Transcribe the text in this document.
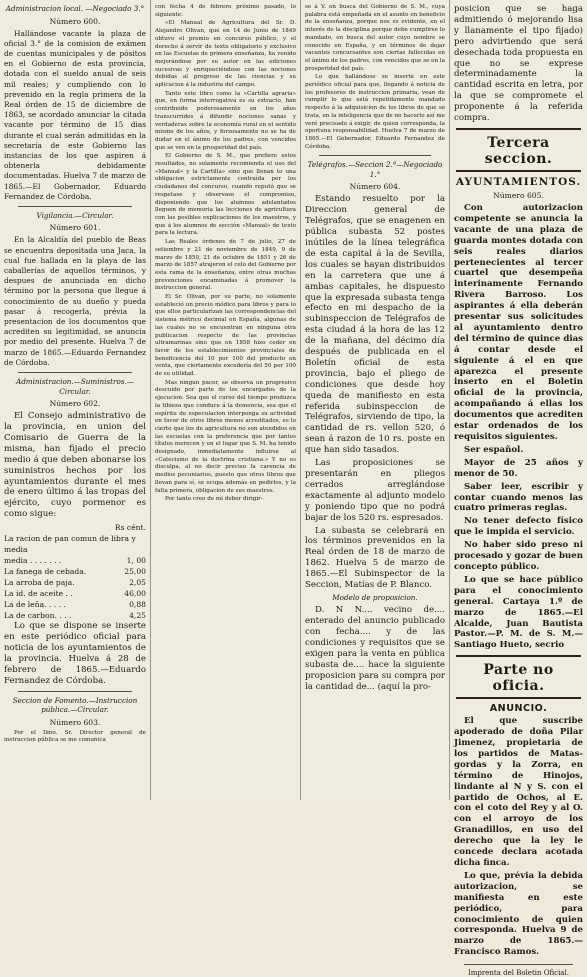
Administracion local. —Negociado 3.°

Número 600.

Hallándose vacante la plaza de oficial 3.° de la comision de exámen de cuentas municipales y de pósitos en el Gobierno de esta provincia, dotada con el sueldo anual de seis mil reales; y cumpliendo con lo prevenido en la regla primera de la Real órden de 15 de diciembre de 1863, se acordado anunciar la citada vacante por término de 15 dias durante el cual serán admitidas en la secretaría de este Gobierno las instancias de los que aspiren á obtenerla debidamente documentadas. Huelva 7 de marzo de 1865.—El Gobernador, Eduardo Fernandez de Córdoba.

Vigilancia.—Circular.

Número 601.

En la Alcaldía del pueblo de Beas se encuentra depositada una Jaca, la cual fue hallada en la playa de las caballerías de aquellos términos, y despues de anunciada en dicho término por la persona que llegue á conocimiento de su dueño y pueda pasar á recogerla, prévia la presentacion de los documentos que acrediten su legitimidad, se anuncia por medio del presente. Huelva 7 de marzo de 1865.—Eduardo Fernandez de Córdoba.

Administracion.—Suministros.—Circular.

Número 602.

El Consejo administrativo de la provincia, en union del Comisario de Guerra de la misma, han fijado el precio medio á que deben abonarse los suministros hechos por los ayuntamientos durante el mes de enero último á las tropas del ejército, cuyo pormenor es como sigue:

Rs cént.

La racion de pan comun de libra y media

media . . . . . . .	1, 00
La fanega de cebada.	25,00
La arroba de paja.	2,05
La id. de aceite . .	46,00
La de leña. . . . .	0,88
La de carbon. . . .	4,25

Lo que se dispone se inserte en este periódico oficial para noticia de los ayuntamientos de la provincia. Huelva á 28 de febrero de 1865.—Eduardo Fernandez de Córdoba.

Seccion de Fomento.—Instruccion pública.—Circular.

Número 603.

Por el Ilmo. Sr. Director general de instruccion pública se me comunica

con fecha 4 de febrero próximo pasado, lo siguiente:

«El Manual de Agricultura del Sr. D. Alejandro Olivan, que en 14 de Junio de 1849 obtuvo el premio en concurso público, y el derecho á servir de texto obligatorio y exclusivo en las Escuelas de primera enseñanza, ha venido mejorándose por su autor en las ediciones sucesivas y enriqueciéndose con las nociones debidas al progreso de las ciencias y su aplicacion á la industria del campo.

Tanto este libro como la «Cartilla agraria» que, en forma interrogativa es su extracto, han contribuido poderosamente en los años transcurridos á difundir nociones sanas y verdaderas sobre la economía rural en el sentido mismo de los años, y forzosamente no se ha de dudar en el ánimo de los padres, con vencidos que se ven en la prosperidad del país.

El Gobierno de S. M., que prefiere estos resultados, no solamente recomienda el uso del «Manual» y la Cartilla» sino que llenan to una obligacion estrictamente contraída por los ciudadanos del concurso, cuando reputó que se respetase y observase el compromiso, disponiendo que los alumnos adelantados lleguen de memoria las lecciones de agricultura con las posibles explicaciones de los maestros, y que á los alumnos de sección «Manual» de texto para la lectura.

Las Reales órdenes de 7 de julio, 27 de setiembre y 21 de noviembre de 1849, 9 de marzo de 1850, 21 de octubre de 1851 y 26 de marzo de 1857 atrajeron el celo del Gobierno por esta rama de la enseñanza, entre otras muchas prevenciones encaminadas á promover la instruccion general.

El Sr. Olivan, por su parte, no solamente estableció un precio módico para libros y para lo que ellos particularizan las correspondencias del sistema métrico decimal en España, algunas de las cuales no se encuentran en ninguna otra publicacion respecto de las provincias ultramarinas sino que en 1858 hizo ceder en favor de los establecimientos provinciales de beneficencia del 10 por 100 del producto en venta, que ciertamente excedería del 50 por 100 de su utilidad.

Mas ningun pacer, se observa un progresivo descuido por parte de los encargados de la ejecucion. Sea que el curso del tiempo produzca la tibieza que conduce á la demencia, sea que el espíritu de especulacion interponga su actividad en favor de otros libros menos acreditados, es lo cierto que los de agricultura no son atendidos en las escuelas con la preferencia que por tantos títulos merecen y en el lugar que S. M. ha tenido designado, inmediatamente influirse al «Catecismo de la doctrina cristiana.» Y no es disculpa, al no decir preciso la carencia de medios pecuniarios, puesto que otros libros que llevan para sí, se ocupa además en pedirlos, y la falta primera, obligacion de sus maestros.

Por tanto creo de mi deber dirigir-

se á V. en busca del Gobierno de S. M., cuya palabra está empeñada en el asunto en beneficio de la enseñanza, porque nos es evidente, en el interés de la disciplina porque debe cumplirse lo mandado, en busca del autor cuyo nombre se conocido en España, y en términos de dejar vacantes concursantes son ciertas fallecidas en el ánimo de los padres, con vencidos que se en la prosperidad del país.

Lo que hallándose se inserte en este periódico oficial para que, llegando á noticia de los profesores de instruccion primaria, vean de cumplir lo que está repetidamente mandado respecto á la adquisicion de los libros de que se trata, en la inteligencia que de no hacerlo así me veré precisado á exigir, de quien corresponda, la oportuna responsabilidad. Huelva 7 de marzo de 1865.—El Gobernador, Eduardo Fernandez de Córdoba.

Telégrafos.—Seccion 2.ª—Negociado 1.°

Número 604.

Estando resuelto por la Direccion general de Telégrafos, que se enagenen en pública subasta 52 postes inútiles de la línea telegráfica de esta capital á la de Sevilla, los cuales se hayan distribuidos en la carretera que une á ambas capitales, he dispuesto que la expresada subasta tenga efecto en mi despacho de la subinspeccion de Telégrafos de esta ciudad á la hora de las 12 de la mañana, del décimo día después de publicada en el Boletín oficial de esta provincia, bajo el pliego de condiciones que desde hoy queda de manifiesto en esta referida subinspeccion de Telégrafos, sirviendo de tipo, la cantidad de rs. vellon 520, ó sean á razon de 10 rs. poste en que han sido tasados.

Las proposiciones se presentarán en pliegos cerrados arreglándose exactamente al adjunto modelo y poniendo tipo que no podrá bajar de los 520 rs. espresados.

La subasta se celebrará en los términos prevenidos en la Real órden de 18 de marzo de 1862. Huelva 5 de marzo de 1865.—El Subinspector de la Seccion, Matías de P. Blanco.

Modelo de proposicion.

D. N N.... vecino de.... enterado del anuncio publicado con fecha.... y de las condiciones y requisitos que se exigen para la venta en pública subasta de.... hace la siguiente proposicion para su compra por la cantidad de... (aquí la pro-

posicion que se haga admitiendo ó mejorando lisa y llanamente el tipo fijado) pero advirtiendo que será desechada toda propuesta en que no se exprese determinadamente la cantidad escrita en letra, por la que se compromete el proponente á la referida compra.

Tercera seccion.

AYUNTAMIENTOS.

Número 605.

Con autorizacion competente se anuncia la vacante de una plaza de guarda montes dotada con seis reales diarios pertenecientes al tercer cuartel que desempeña interinamente Fernando Rivera Barroso. Los aspirantes á ella deberán presentar sus solicitudes al ayuntamiento dentro del término de quince dias á contar desde el siguiente á el en que aparezca el presente inserto en el Boletin oficial de la provincia, acompañando á ellas los documentos que acrediten estar ordenados de los requisitos siguientes.

Ser español.

Mayor de 25 años y menor de 50.

Saber leer, escribir y contar cuando menos las cuatro primeras reglas.

No tener defecto físico que le impida el servicio.

No haber sido preso ni procesado y gozar de buen concepto público.

Lo que se hace público para el conocimiento general. Cartaya 1.º de marzo de 1865.—El Alcalde, Juan Bautista Pastor.—P. M. de S. M.—Santiago Hueto, secrio

Parte no oficia.

ANUNCIO.

El que suscribe apoderado de doña Pilar Jimenez, propietaria de los partidos de Matas-gordas y la Zorra, en término de Hinojos, lindante al N y S. con el partido de Ochos, al E. con el coto del Rey y al O. con el arroyo de los Granadillos, en uso del derecho que la ley le concede declara acotada dicha finca.

Lo que, prévia la debida autorizacion, se manifiesta en este periódico, para conocimiento de quien corresponda. Huelva 9 de marzo de 1865.—Francisco Ramos.

Imprenta del Boletin Oficial.
